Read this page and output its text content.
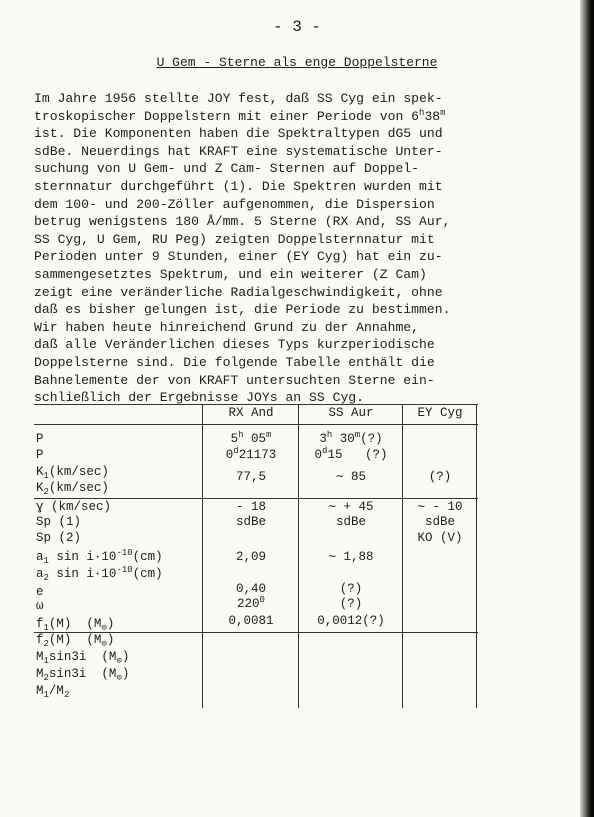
- 3 -
U Gem - Sterne als enge Doppelsterne
Im Jahre 1956 stellte JOY fest, daß SS Cyg ein spek-
troskopischer Doppelstern mit einer Periode von 6$^h$38$^m$
ist. Die Komponenten haben die Spektraltypen dG5 und
sdBe. Neuerdings hat KRAFT eine systematische Unter-
suchung von U Gem- und Z Cam- Sternen auf Doppel-
sternnatur durchgeführt (1). Die Spektren wurden mit
dem 100- und 200-Zöller aufgenommen, die Dispersion
betrug wenigstens 180 Å/mm. 5 Sterne (RX And, SS Aur,
SS Cyg, U Gem, RU Peg) zeigten Doppelsternnatur mit
Perioden unter 9 Stunden, einer (EY Cyg) hat ein zu-
sammengesetztes Spektrum, und ein weiterer (Z Cam)
zeigt eine veränderliche Radialgeschwindigkeit, ohne
daß es bisher gelungen ist, die Periode zu bestimmen.
Wir haben heute hinreichend Grund zu der Annahme,
daß alle Veränderlichen dieses Typs kurzperiodische
Doppelsterne sind. Die folgende Tabelle enthält die
Bahnelemente der von KRAFT untersuchten Sterne ein-
schließlich der Ergebnisse JOYs an SS Cyg.
RX And	SS Aur	EY Cyg
P
P
$K_1(km/\sec)$
$K_2(km/\sec)$
ɣ (km/sec)
Sp (1)
Sp (2)
$a_1$ $\sin i\cdot 10^{-10}(cm)$
$a_2$ $\sin i\cdot 10^{-10}(cm)$
e
ω
$f_1(M)$  $(M_⊙)$
$f_2(M)$  $(M_⊙)$
$M_1\sin 3i$  $(M_⊙)$
$M_2\sin 3i$  $(M_⊙)$
$M_1/M_2$
5$^h$ 05$^m$
0$^d$21173
77,5
- 18
sdBe
2,09
0,40
$220^0$
0,0081
3$^h$ 30$^m$(?)
0$^d$15   (?)
∼ 85
∼ + 45
sdBe
∼ 1,88
(?)
(?)
0,0012(?)
(?)
∼ - 10
sdBe
KO (V)
